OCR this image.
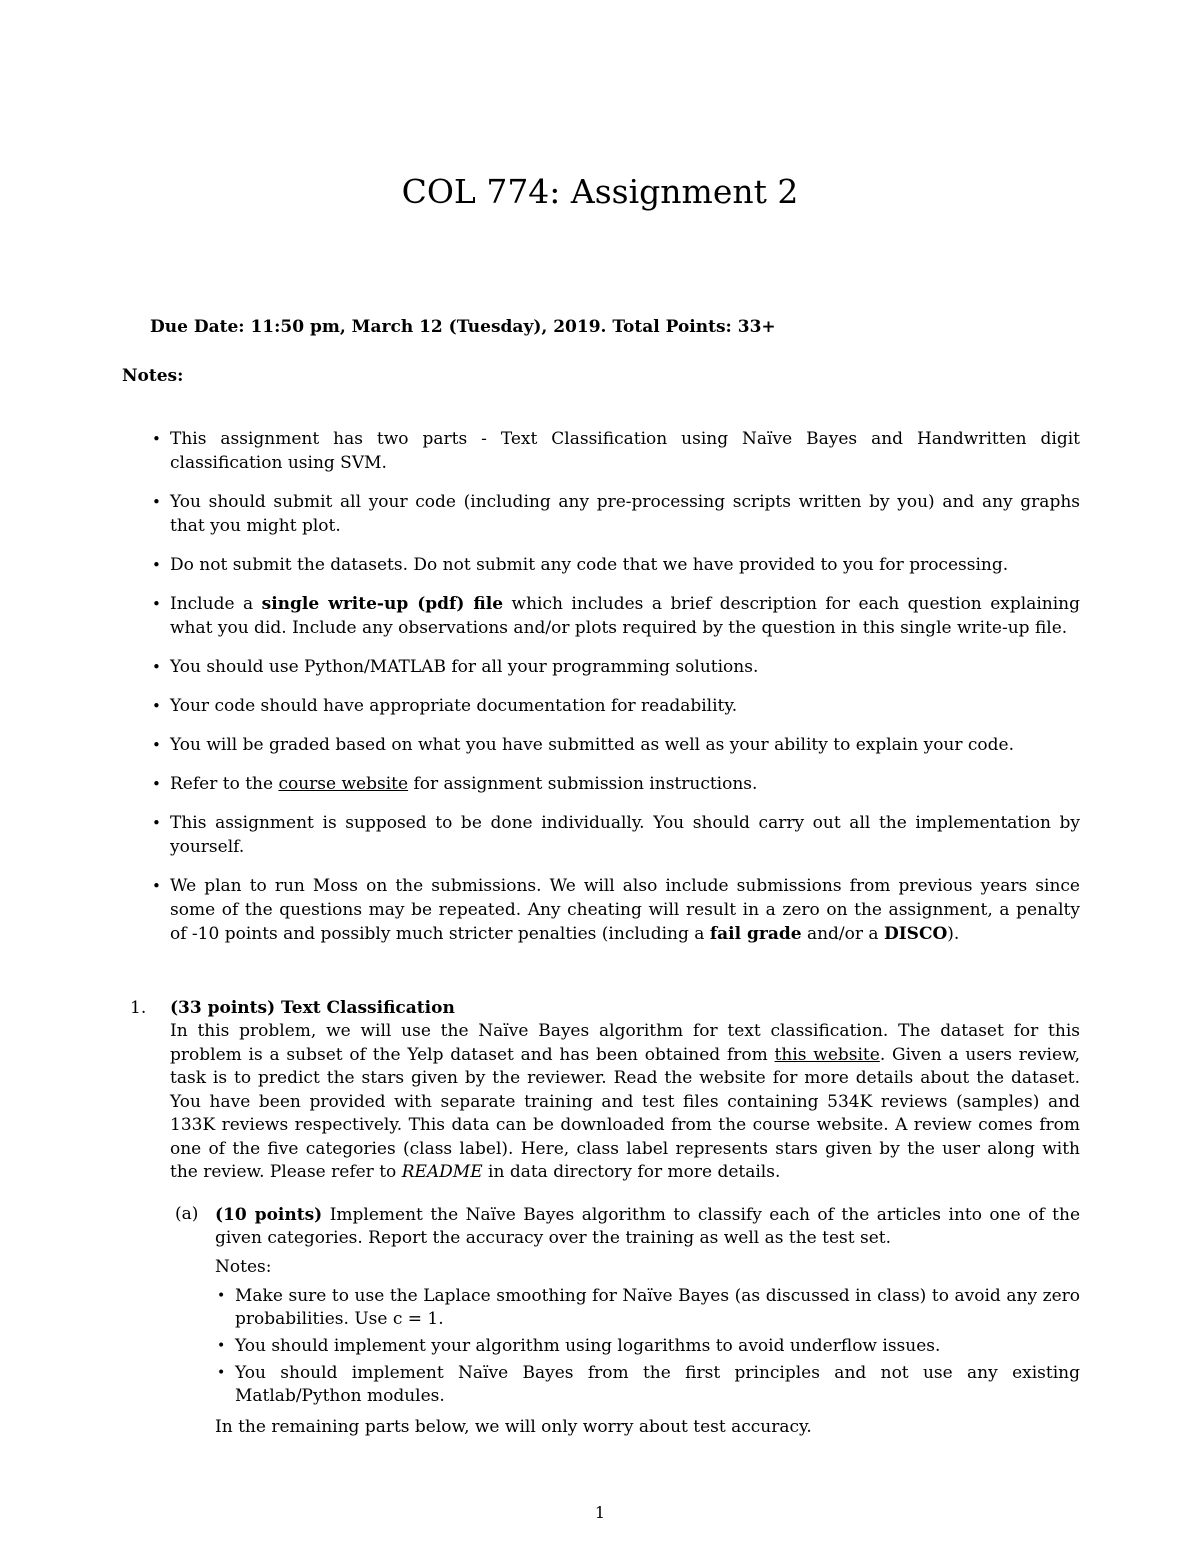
COL 774: Assignment 2
Due Date: 11:50 pm, March 12 (Tuesday), 2019. Total Points: 33+
Notes:
• This assignment has two parts - Text Classification using Naïve Bayes and Handwritten digit classification using SVM.
• You should submit all your code (including any pre-processing scripts written by you) and any graphs that you might plot.
• Do not submit the datasets. Do not submit any code that we have provided to you for processing.
• Include a single write-up (pdf) file which includes a brief description for each question explaining what you did. Include any observations and/or plots required by the question in this single write-up file.
• You should use Python/MATLAB for all your programming solutions.
• Your code should have appropriate documentation for readability.
• You will be graded based on what you have submitted as well as your ability to explain your code.
• Refer to the course website for assignment submission instructions.
• This assignment is supposed to be done individually. You should carry out all the implementation by yourself.
• We plan to run Moss on the submissions. We will also include submissions from previous years since some of the questions may be repeated. Any cheating will result in a zero on the assignment, a penalty of -10 points and possibly much stricter penalties (including a fail grade and/or a DISCO).
1. (33 points) Text Classification
In this problem, we will use the Naïve Bayes algorithm for text classification. The dataset for this problem is a subset of the Yelp dataset and has been obtained from this website. Given a users review, task is to predict the stars given by the reviewer. Read the website for more details about the dataset. You have been provided with separate training and test files containing 534K reviews (samples) and 133K reviews respectively. This data can be downloaded from the course website. A review comes from one of the five categories (class label). Here, class label represents stars given by the user along with the review. Please refer to README in data directory for more details.
(a) (10 points) Implement the Naïve Bayes algorithm to classify each of the articles into one of the given categories. Report the accuracy over the training as well as the test set.
Notes:
• Make sure to use the Laplace smoothing for Naïve Bayes (as discussed in class) to avoid any zero probabilities. Use c = 1.
• You should implement your algorithm using logarithms to avoid underflow issues.
• You should implement Naïve Bayes from the first principles and not use any existing Matlab/Python modules.
In the remaining parts below, we will only worry about test accuracy.
1
